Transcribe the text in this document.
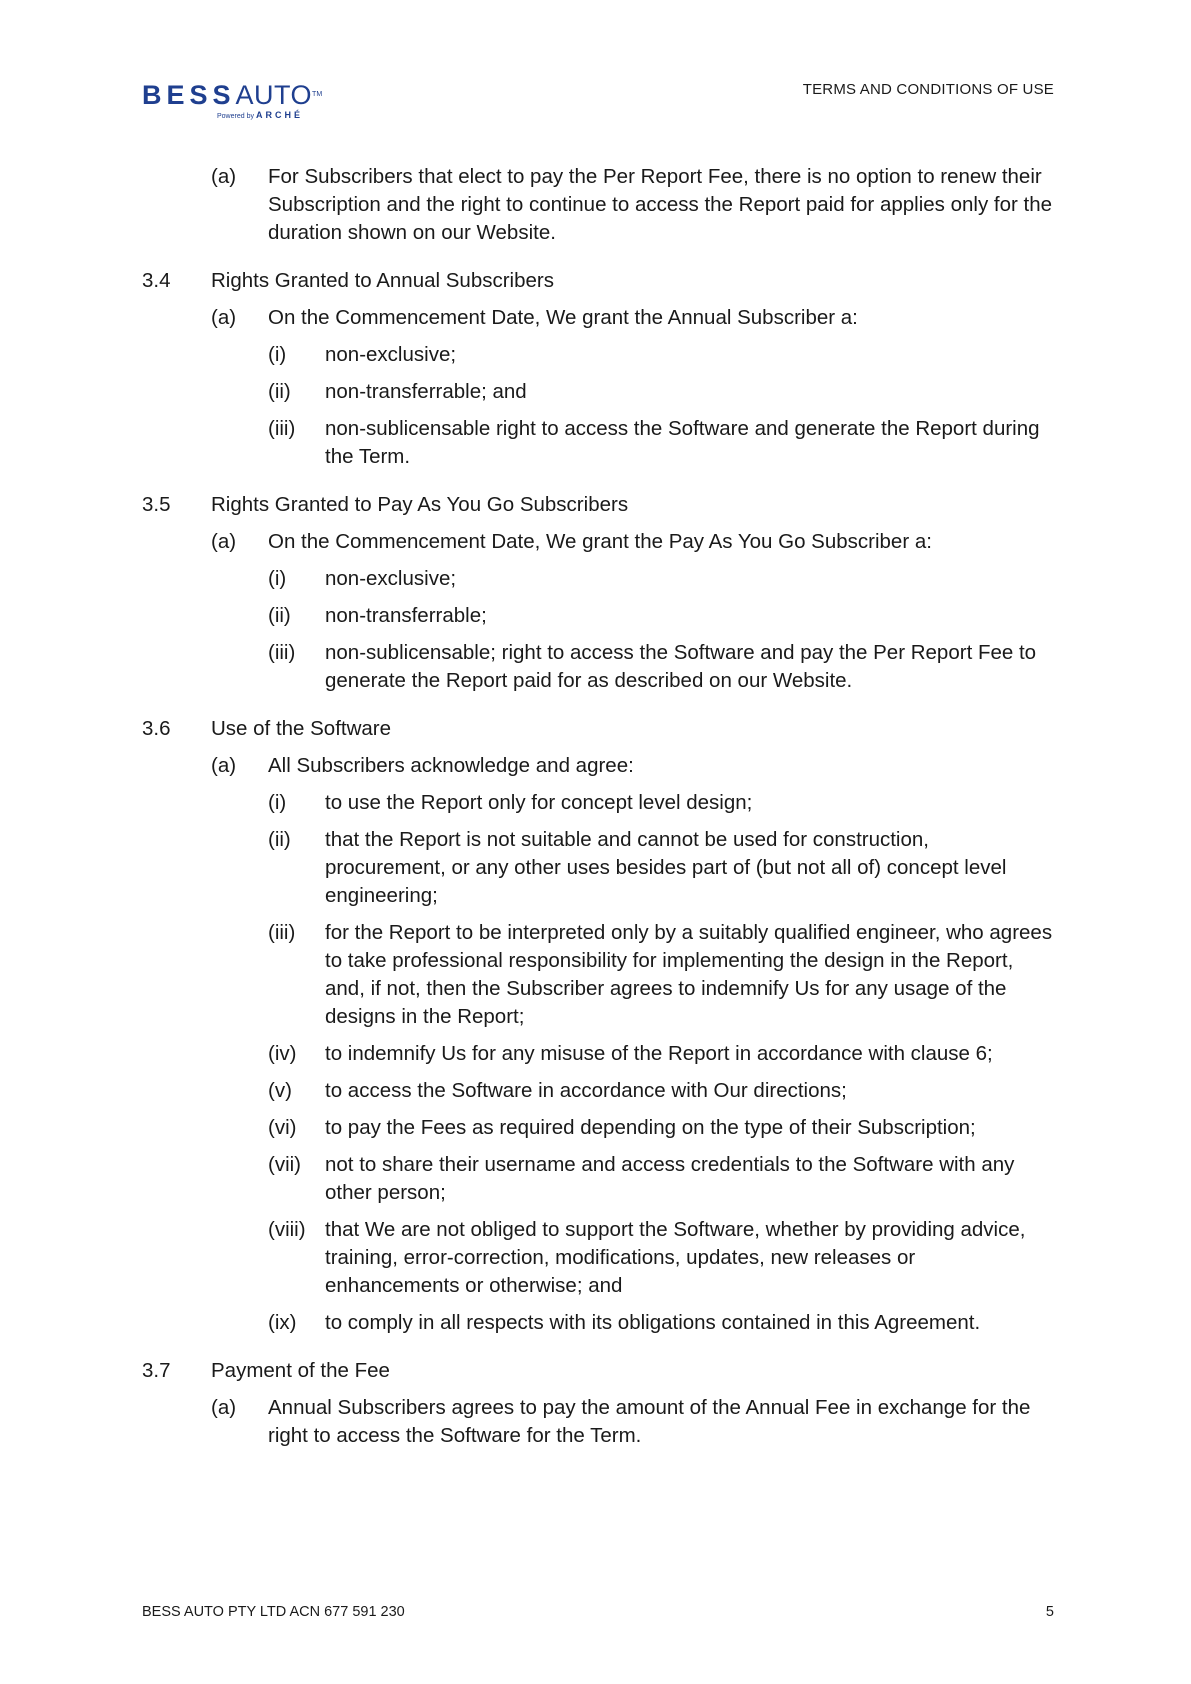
BESSAUTO™
Powered by ARCHÉ
TERMS AND CONDITIONS OF USE
(a) For Subscribers that elect to pay the Per Report Fee, there is no option to renew their Subscription and the right to continue to access the Report paid for applies only for the duration shown on our Website.
3.4 Rights Granted to Annual Subscribers
(a) On the Commencement Date, We grant the Annual Subscriber a:
(i) non-exclusive;
(ii) non-transferrable; and
(iii) non-sublicensable right to access the Software and generate the Report during the Term.
3.5 Rights Granted to Pay As You Go Subscribers
(a) On the Commencement Date, We grant the Pay As You Go Subscriber a:
(i) non-exclusive;
(ii) non-transferrable;
(iii) non-sublicensable; right to access the Software and pay the Per Report Fee to generate the Report paid for as described on our Website.
3.6 Use of the Software
(a) All Subscribers acknowledge and agree:
(i) to use the Report only for concept level design;
(ii) that the Report is not suitable and cannot be used for construction, procurement, or any other uses besides part of (but not all of) concept level engineering;
(iii) for the Report to be interpreted only by a suitably qualified engineer, who agrees to take professional responsibility for implementing the design in the Report, and, if not, then the Subscriber agrees to indemnify Us for any usage of the designs in the Report;
(iv) to indemnify Us for any misuse of the Report in accordance with clause 6;
(v) to access the Software in accordance with Our directions;
(vi) to pay the Fees as required depending on the type of their Subscription;
(vii) not to share their username and access credentials to the Software with any other person;
(viii) that We are not obliged to support the Software, whether by providing advice, training, error-correction, modifications, updates, new releases or enhancements or otherwise; and
(ix) to comply in all respects with its obligations contained in this Agreement.
3.7 Payment of the Fee
(a) Annual Subscribers agrees to pay the amount of the Annual Fee in exchange for the right to access the Software for the Term.
BESS AUTO PTY LTD ACN 677 591 230	5
